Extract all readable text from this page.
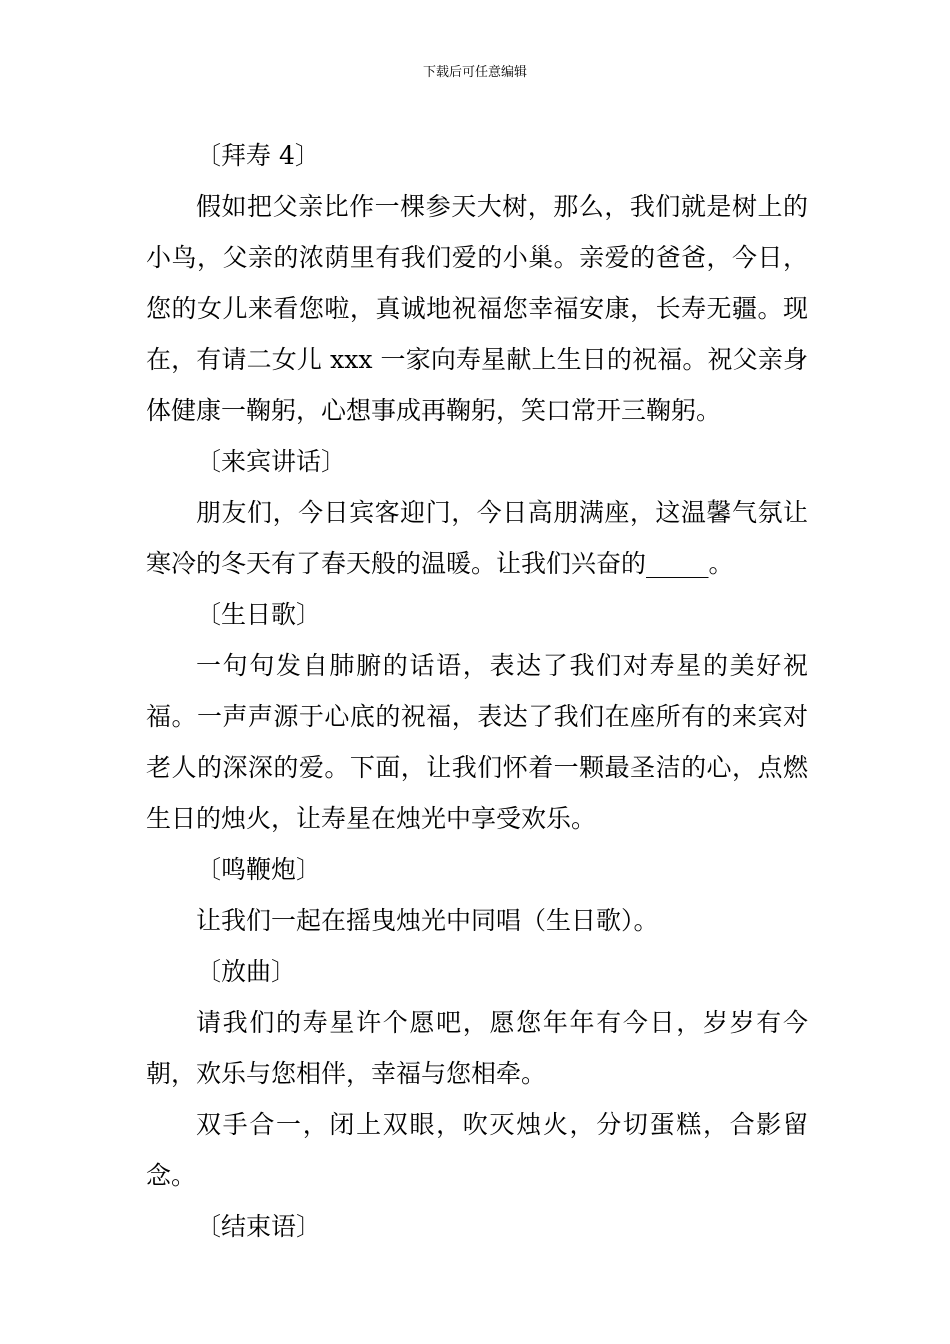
下载后可任意编辑

〔拜寿 4〕

假如把父亲比作一棵参天大树，那么，我们就是树上的小鸟，父亲的浓荫里有我们爱的小巢。亲爱的爸爸，今日，您的女儿来看您啦，真诚地祝福您幸福安康，长寿无疆。现在，有请二女儿 xxx 一家向寿星献上生日的祝福。祝父亲身体健康一鞠躬，心想事成再鞠躬，笑口常开三鞠躬。

〔来宾讲话〕

朋友们，今日宾客迎门，今日高朋满座，这温馨气氛让寒冷的冬天有了春天般的温暖。让我们兴奋的_____。

〔生日歌〕

一句句发自肺腑的话语，表达了我们对寿星的美好祝福。一声声源于心底的祝福，表达了我们在座所有的来宾对老人的深深的爱。下面，让我们怀着一颗最圣洁的心，点燃生日的烛火，让寿星在烛光中享受欢乐。

〔鸣鞭炮〕

让我们一起在摇曳烛光中同唱（生日歌）。

〔放曲〕

请我们的寿星许个愿吧，愿您年年有今日，岁岁有今朝，欢乐与您相伴，幸福与您相牵。

双手合一，闭上双眼，吹灭烛火，分切蛋糕，合影留念。

〔结束语〕
